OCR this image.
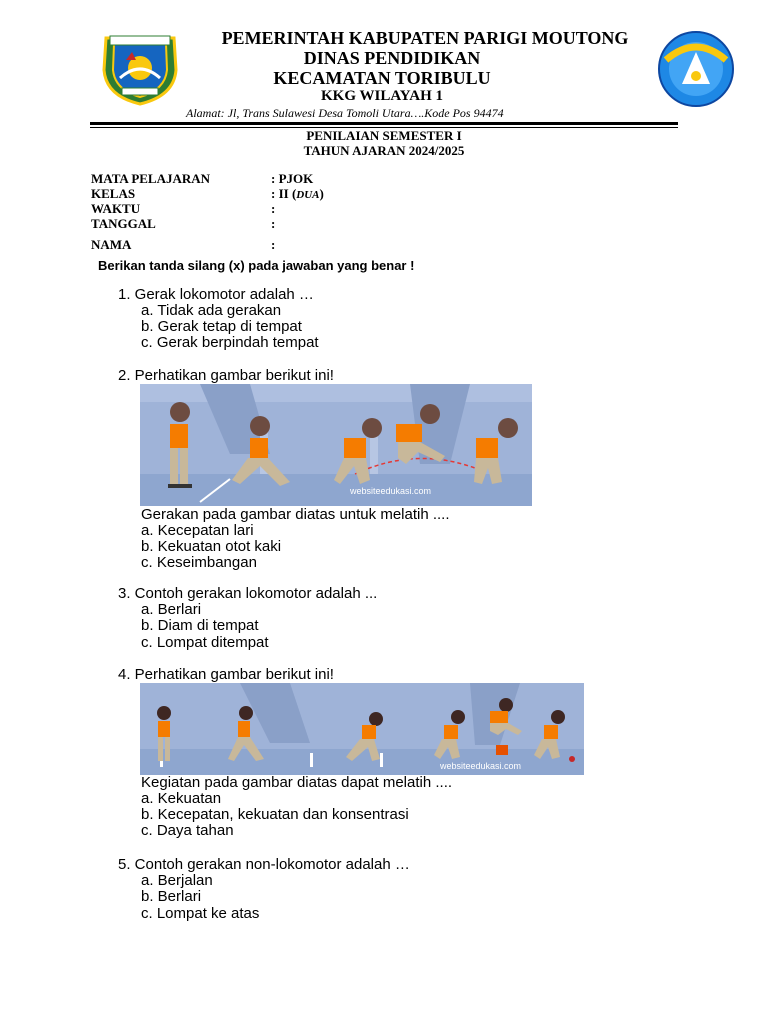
PEMERINTAH KABUPATEN PARIGI MOUTONG
DINAS PENDIDIKAN
KECAMATAN TORIBULU
KKG WILAYAH 1
Alamat: Jl, Trans Sulawesi Desa Tomoli Utara….Kode Pos 94474
PENILAIAN SEMESTER I
TAHUN AJARAN 2024/2025
MATA PELAJARAN	: PJOK
KELAS	: II (DUA)
WAKTU	:
TANGGAL	:
NAMA	:
Berikan tanda silang (x) pada jawaban yang benar !
1. Gerak lokomotor adalah …
a. Tidak ada gerakan
b. Gerak tetap di tempat
c. Gerak berpindah tempat
2. Perhatikan gambar berikut ini!
websiteedukasi.com
Gerakan pada gambar diatas untuk melatih ....
a. Kecepatan lari
b. Kekuatan otot kaki
c. Keseimbangan
3. Contoh gerakan lokomotor adalah ...
a. Berlari
b. Diam di tempat
c. Lompat ditempat
4. Perhatikan gambar berikut ini!
websiteedukasi.com
Kegiatan pada gambar diatas dapat melatih ....
a. Kekuatan
b. Kecepatan, kekuatan dan konsentrasi
c. Daya tahan
5. Contoh gerakan non-lokomotor adalah …
a. Berjalan
b. Berlari
c. Lompat ke atas
